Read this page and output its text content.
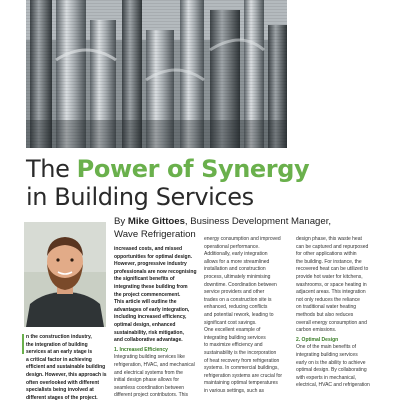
The Power of Synergy
in Building Services
By Mike Gittoes, Business Development Manager,
Wave Refrigeration

n the construction industry,

the integration of building

services at an early stage is

a critical factor in achieving

efficient and sustainable building

design. However, this approach is

often overlooked with different

specialists being involved at

different stages of the project.

increased costs, and missed

opportunities for optimal design.

However, progressive industry

professionals are now recognising

the significant benefits of

integrating these building from

the project commencement.

This article will outline the

advantages of early integration,

including increased efficiency,

optimal design, enhanced

sustainability, risk mitigation,

and collaborative advantage.

1. Increased Efficiency

Integrating building services like

refrigeration, HVAC, and mechanical

and electrical systems from the

initial design phase allows for

seamless coordination between

different project contributors. This

energy consumption and improved

operational performance.

Additionally, early integration

allows for a more streamlined

installation and construction

process, ultimately minimising

downtime. Coordination between

service providers and other

trades on a construction site is

enhanced, reducing conflicts

and potential rework, leading to

significant cost savings.

One excellent example of

integrating building services

to maximize efficiency and

sustainability is the incorporation

of heat recovery from refrigeration

systems. In commercial buildings,

refrigeration systems are crucial for

maintaining optimal temperatures

in various settings, such as

design phase, this waste heat

can be captured and repurposed

for other applications within

the building. For instance, the

recovered heat can be utilized to

provide hot water for kitchens,

washrooms, or space heating in

adjacent areas. This integration

not only reduces the reliance

on traditional water heating

methods but also reduces

overall energy consumption and

carbon emissions.

2. Optimal Design

One of the main benefits of

integrating building services

early on is the ability to achieve

optimal design. By collaborating

with experts in mechanical,

electrical, HVAC and refrigeration
